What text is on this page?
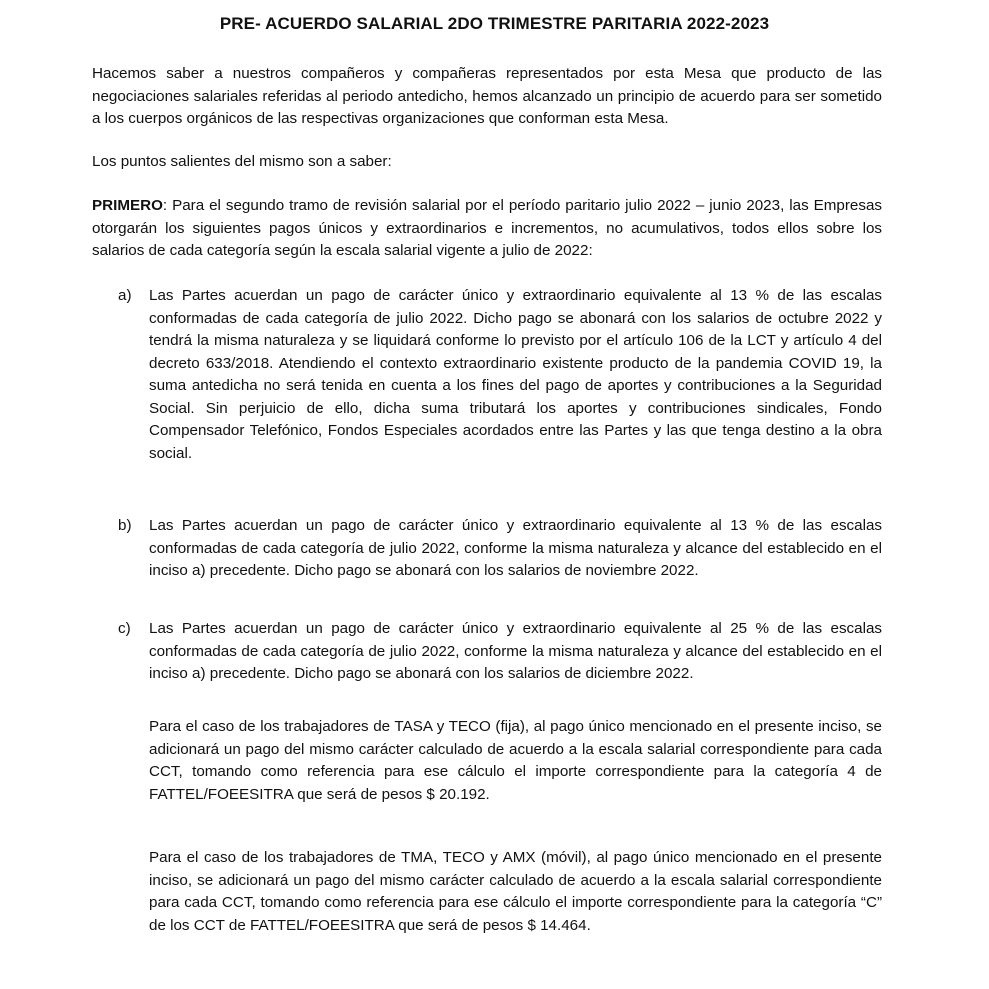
PRE- ACUERDO SALARIAL 2DO TRIMESTRE PARITARIA 2022-2023
Hacemos saber a nuestros compañeros y compañeras representados por esta Mesa que producto de las negociaciones salariales referidas al periodo antedicho, hemos alcanzado un principio de acuerdo para ser sometido a los cuerpos orgánicos de las respectivas organizaciones que conforman esta Mesa.
Los puntos salientes del mismo son a saber:
PRIMERO: Para el segundo tramo de revisión salarial por el período paritario julio 2022 – junio 2023, las Empresas otorgarán los siguientes pagos únicos y extraordinarios e incrementos, no acumulativos, todos ellos sobre los salarios de cada categoría según la escala salarial vigente a julio de 2022:
a)	Las Partes acuerdan un pago de carácter único y extraordinario equivalente al 13 % de las escalas conformadas de cada categoría de julio 2022. Dicho pago se abonará con los salarios de octubre 2022 y tendrá la misma naturaleza y se liquidará conforme lo previsto por el artículo 106 de la LCT y artículo 4 del decreto 633/2018. Atendiendo el contexto extraordinario existente producto de la pandemia COVID 19, la suma antedicha no será tenida en cuenta a los fines del pago de aportes y contribuciones a la Seguridad Social. Sin perjuicio de ello, dicha suma tributará los aportes y contribuciones sindicales, Fondo Compensador Telefónico, Fondos Especiales acordados entre las Partes y las que tenga destino a la obra social.
b)	Las Partes acuerdan un pago de carácter único y extraordinario equivalente al 13 % de las escalas conformadas de cada categoría de julio 2022, conforme la misma naturaleza y alcance del establecido en el inciso a) precedente. Dicho pago se abonará con los salarios de noviembre 2022.
c)	Las Partes acuerdan un pago de carácter único y extraordinario equivalente al 25 % de las escalas conformadas de cada categoría de julio 2022, conforme la misma naturaleza y alcance del establecido en el inciso a) precedente. Dicho pago se abonará con los salarios de diciembre 2022.
Para el caso de los trabajadores de TASA y TECO (fija), al pago único mencionado en el presente inciso, se adicionará un pago del mismo carácter calculado de acuerdo a la escala salarial correspondiente para cada CCT, tomando como referencia para ese cálculo el importe correspondiente para la categoría 4 de FATTEL/FOEESITRA que será de pesos $ 20.192.
Para el caso de los trabajadores de TMA, TECO y AMX (móvil), al pago único mencionado en el presente inciso, se adicionará un pago del mismo carácter calculado de acuerdo a la escala salarial correspondiente para cada CCT, tomando como referencia para ese cálculo el importe correspondiente para la categoría “C” de los CCT de FATTEL/FOEESITRA que será de pesos $ 14.464.
